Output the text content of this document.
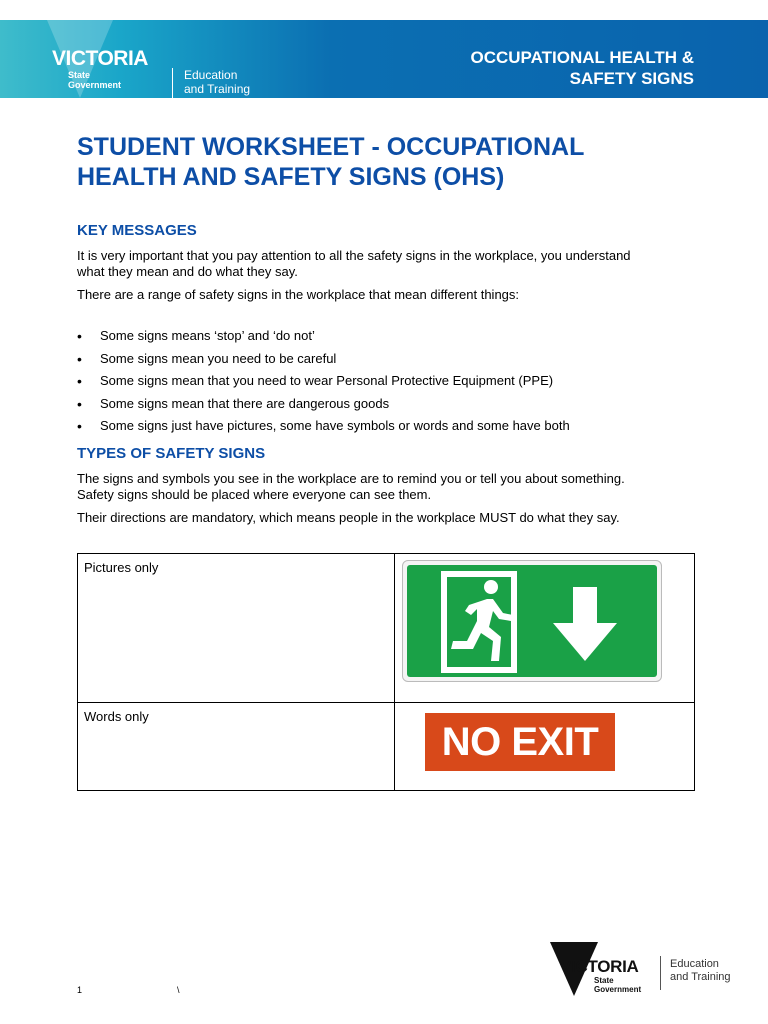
VICTORIA
State
Government
Education
and Training
OCCUPATIONAL HEALTH &
SAFETY SIGNS
KNOW THE RULES
STUDENT WORKSHEET - OCCUPATIONAL
HEALTH AND SAFETY SIGNS (OHS)
KEY MESSAGES
It is very important that you pay attention to all the safety signs in the workplace, you understand
what they mean and do what they say.
There are a range of safety signs in the workplace that mean different things:
• Some signs means ‘stop’ and ‘do not’
• Some signs mean you need to be careful
• Some signs mean that you need to wear Personal Protective Equipment (PPE)
• Some signs mean that there are dangerous goods
• Some signs just have pictures, some have symbols or words and some have both
TYPES OF SAFETY SIGNS
The signs and symbols you see in the workplace are to remind you or tell you about something.
Safety signs should be placed where everyone can see them.
Their directions are mandatory, which means people in the workplace MUST do what they say.
Pictures only	

Words only	NO EXIT
VICTORIA
State
Government
Education
and Training
1	\
